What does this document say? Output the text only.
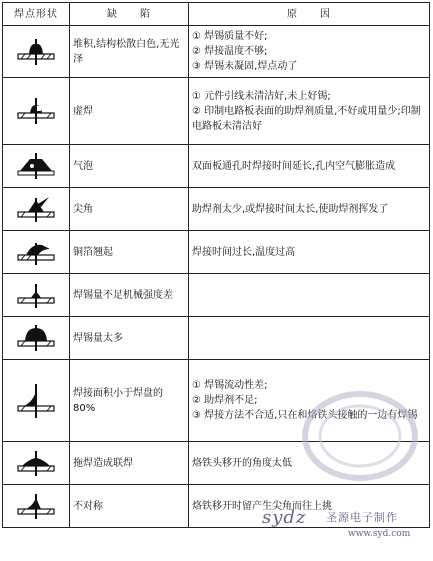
焊点形状	缺　　陷	原　　因

	堆积,结构松散白色,无光泽	① 焊锡质量不好;
② 焊接温度不够;
③ 焊锡未凝固,焊点动了

	虚焊	① 元件引线未清洁好,未上好锡;
② 印制电路板表面的助焊剂质量,不好或用量少;印制电路板未清洁好

	气泡	双面板通孔时焊接时间延长,孔内空气膨胀造成

	尖角	助焊剂太少,或焊接时间太长,使助焊剂挥发了

	铜箔翘起	焊接时间过长,温度过高

	焊锡量不足机械强度差	

	焊锡量太多	

	焊接面积小于焊盘的80%	① 焊锡流动性差;
② 助焊剂不足;
③ 焊接方法不合适,只在和烙铁头接触的一边有焊锡

	拖焊造成联焊	烙铁头移开的角度太低

	不对称	烙铁移开时留产生尖角而往上挑
sydz 圣源电子制作
www.syd.com
